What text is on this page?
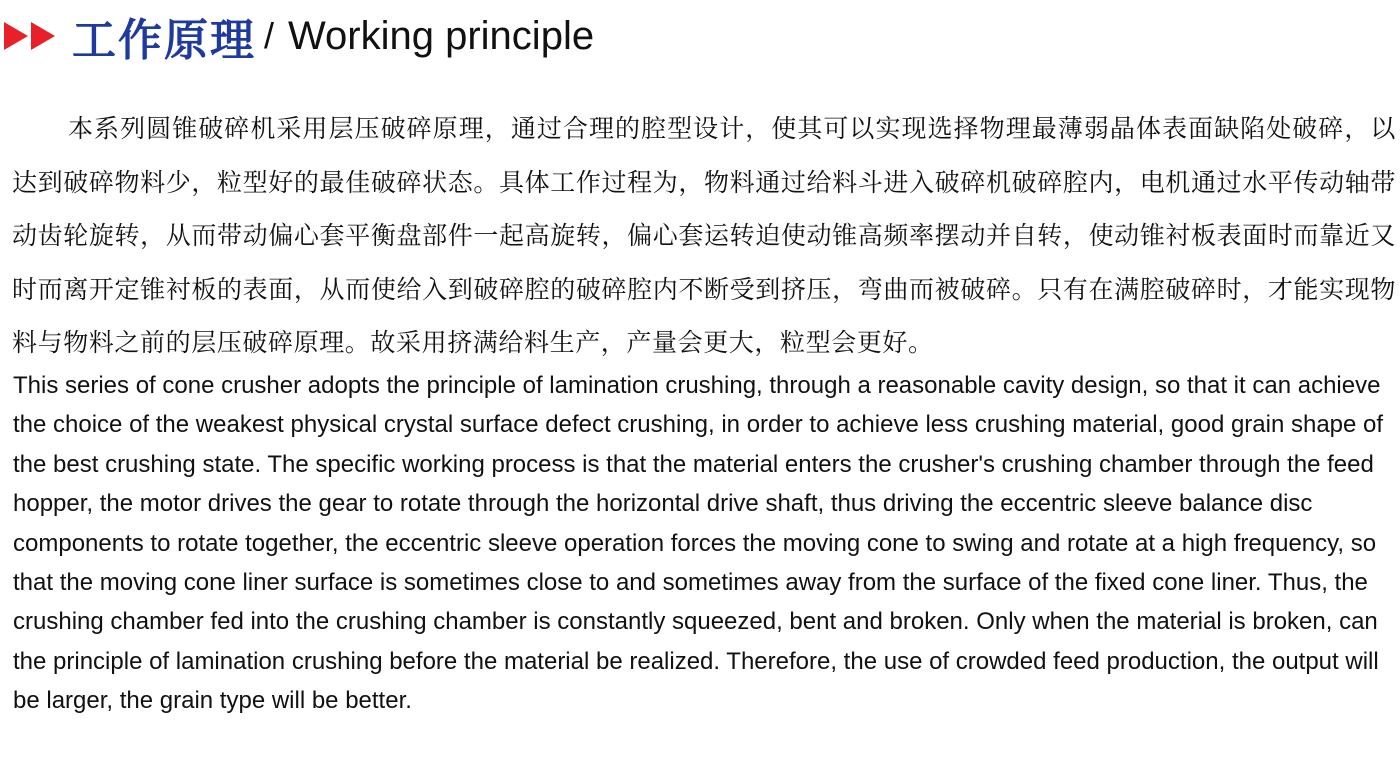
工作原理 / Working principle

本系列圆锥破碎机采用层压破碎原理，通过合理的腔型设计，使其可以实现选择物理最薄弱晶体表面缺陷处破碎，以达到破碎物料少，粒型好的最佳破碎状态。具体工作过程为，物料通过给料斗进入破碎机破碎腔内，电机通过水平传动轴带动齿轮旋转，从而带动偏心套平衡盘部件一起高旋转，偏心套运转迫使动锥高频率摆动并自转，使动锥衬板表面时而靠近又时而离开定锥衬板的表面，从而使给入到破碎腔的破碎腔内不断受到挤压，弯曲而被破碎。只有在满腔破碎时，才能实现物料与物料之前的层压破碎原理。故采用挤满给料生产，产量会更大，粒型会更好。

This series of cone crusher adopts the principle of lamination crushing, through a reasonable cavity design, so that it can achieve the choice of the weakest physical crystal surface defect crushing, in order to achieve less crushing material, good grain shape of the best crushing state. The specific working process is that the material enters the crusher's crushing chamber through the feed hopper, the motor drives the gear to rotate through the horizontal drive shaft, thus driving the eccentric sleeve balance disc components to rotate together, the eccentric sleeve operation forces the moving cone to swing and rotate at a high frequency, so that the moving cone liner surface is sometimes close to and sometimes away from the surface of the fixed cone liner. Thus, the crushing chamber fed into the crushing chamber is constantly squeezed, bent and broken. Only when the material is broken, can the principle of lamination crushing before the material be realized. Therefore, the use of crowded feed production, the output will be larger, the grain type will be better.
